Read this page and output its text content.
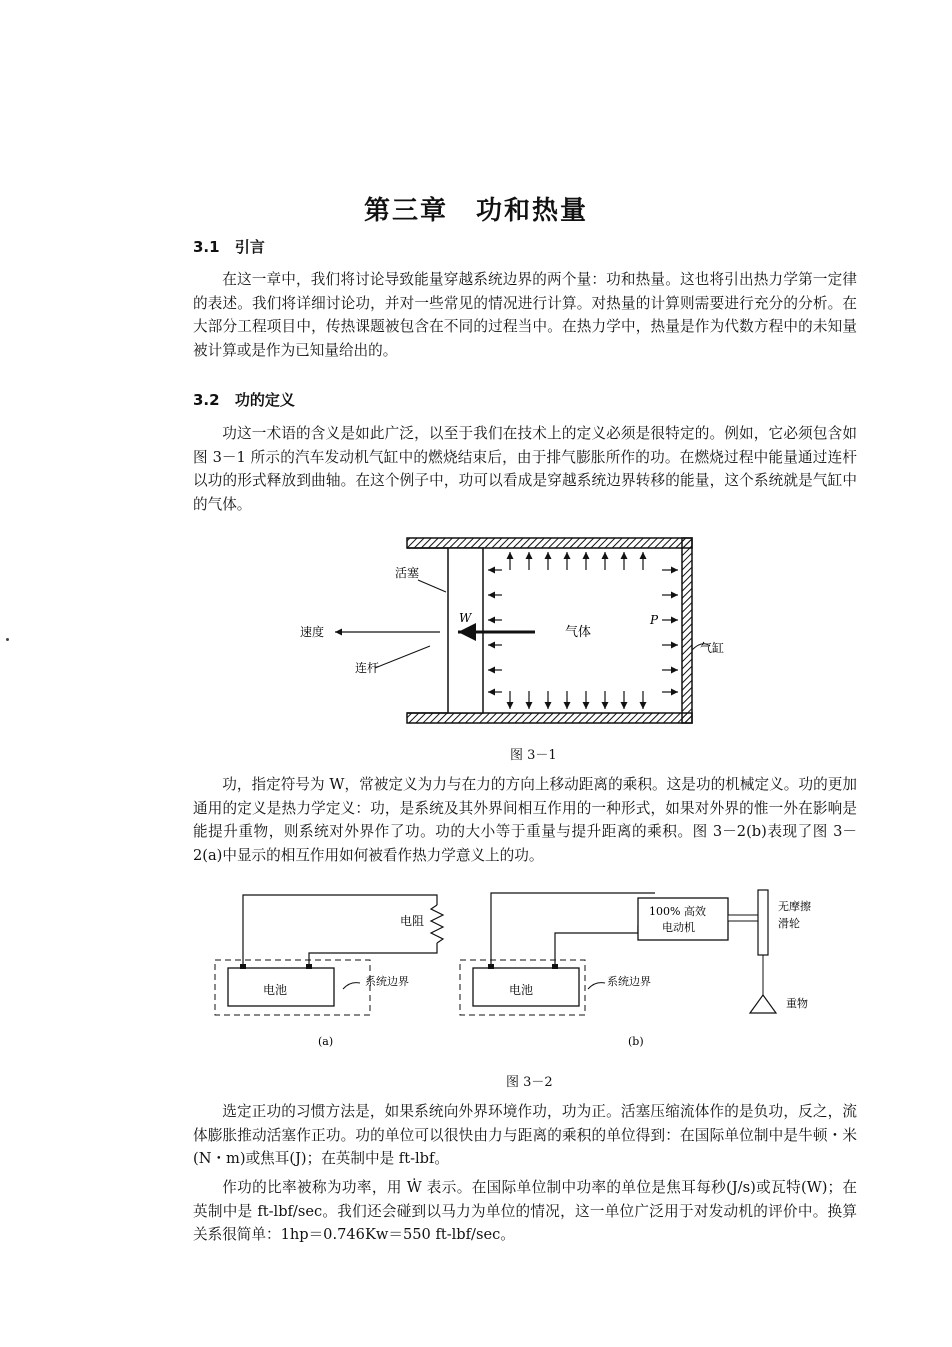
第三章　功和热量
3.1 引言

在这一章中，我们将讨论导致能量穿越系统边界的两个量：功和热量。这也将引出热力学第一定律的表述。我们将详细讨论功，并对一些常见的情况进行计算。对热量的计算则需要进行充分的分析。在大部分工程项目中，传热课题被包含在不同的过程当中。在热力学中，热量是作为代数方程中的未知量被计算或是作为已知量给出的。

3.2 功的定义

功这一术语的含义是如此广泛，以至于我们在技术上的定义必须是很特定的。例如，它必须包含如图 3－1 所示的汽车发动机气缸中的燃烧结束后，由于排气膨胀所作的功。在燃烧过程中能量通过连杆以功的形式释放到曲轴。在这个例子中，功可以看成是穿越系统边界转移的能量，这个系统就是气缸中的气体。

活塞
速度
连杆
W
气体
P
气缸
图 3－1

功，指定符号为 W，常被定义为力与在力的方向上移动距离的乘积。这是功的机械定义。功的更加通用的定义是热力学定义：功，是系统及其外界间相互作用的一种形式，如果对外界的惟一外在影响是能提升重物，则系统对外界作了功。功的大小等于重量与提升距离的乘积。图 3－2(b)表现了图 3－2(a)中显示的相互作用如何被看作热力学意义上的功。

电阻
电池
系统边界
(a)
100% 高效
电动机
无摩擦
滑轮
电池
系统边界
重物
(b)
图 3－2

选定正功的习惯方法是，如果系统向外界环境作功，功为正。活塞压缩流体作的是负功，反之，流体膨胀推动活塞作正功。功的单位可以很快由力与距离的乘积的单位得到：在国际单位制中是牛顿・米(N・m)或焦耳(J)；在英制中是 ft-lbf。

作功的比率被称为功率，用 Ẇ 表示。在国际单位制中功率的单位是焦耳每秒(J/s)或瓦特(W)；在英制中是 ft-lbf/sec。我们还会碰到以马力为单位的情况，这一单位广泛用于对发动机的评价中。换算关系很简单：1hp＝0.746Kw＝550 ft-lbf/sec。
